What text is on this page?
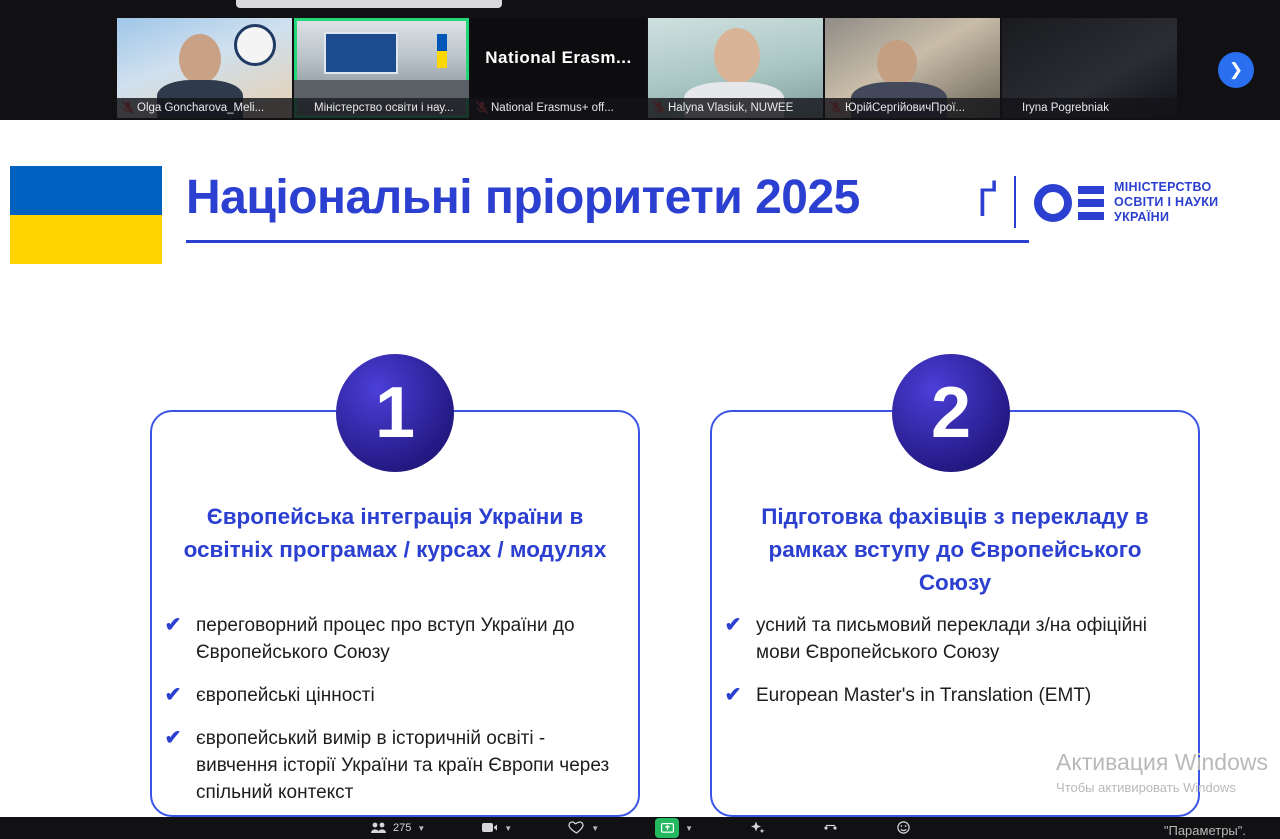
Olga Goncharova_Meli...	Міністерство освіти і нау...
National Erasm...
National Erasmus+ off...	Halyna Vlasiuk, NUWEE	ЮрійСергійовичПрої...	Iryna Pogrebniak
❯
Національні пріоритети 2025	Ґ	МІНІСТЕРСТВО
ОСВІТИ І НАУКИ
УКРАЇНИ
1
Європейська інтеграція України в освітніх програмах / курсах / модулях
✔ переговорний процес про вступ України до Європейського Союзу
✔ європейські цінності
✔ європейський вимір в історичній освіті - вивчення історії України та країн Європи через спільний контекст
2
Підготовка фахівців з перекладу в рамках вступу до Європейського Союзу
✔ усний та письмовий переклади з/на офіційні мови Європейського Союзу
✔ European Master's in Translation (EMT)
Активация Windows
Чтобы активировать Windows
275 ▼	▼	▼	▼	"Параметры".
